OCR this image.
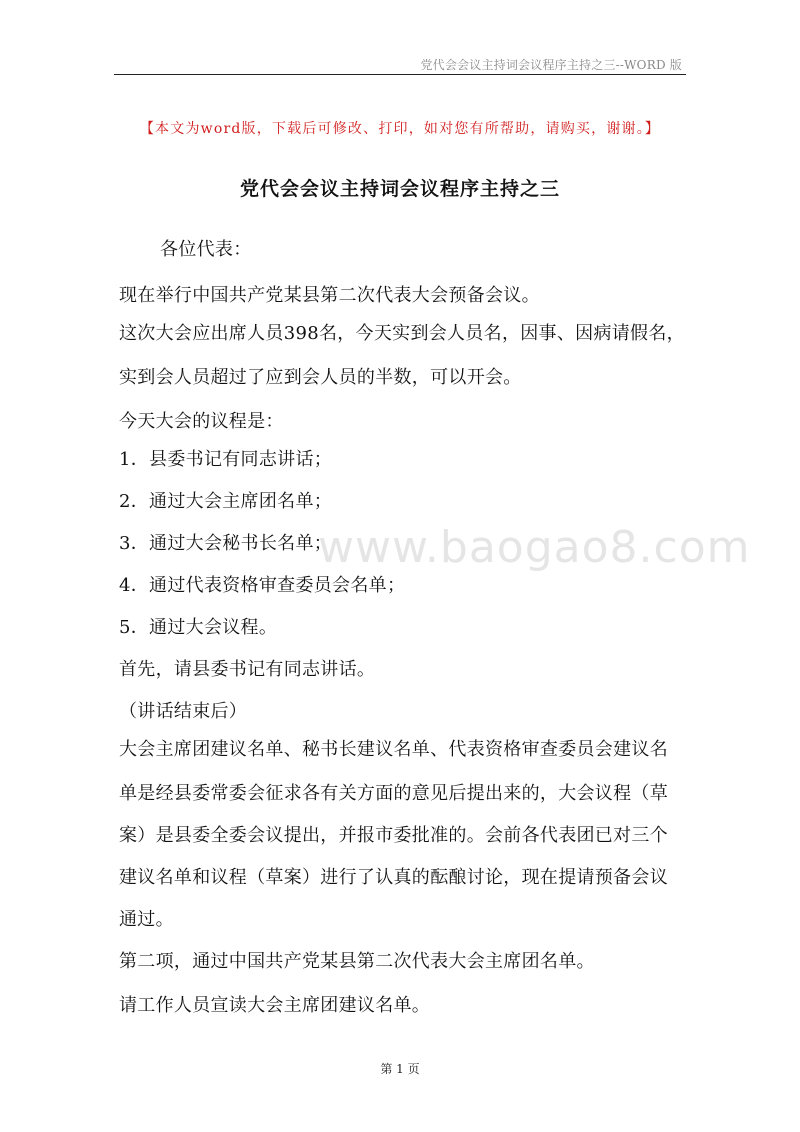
党代会会议主持词会议程序主持之三--WORD 版
【本文为word版，下载后可修改、打印，如对您有所帮助，请购买，谢谢。】
党代会会议主持词会议程序主持之三
各位代表：
现在举行中国共产党某县第二次代表大会预备会议。
这次大会应出席人员398名，今天实到会人员名，因事、因病请假名，
实到会人员超过了应到会人员的半数，可以开会。
今天大会的议程是：
1．县委书记有同志讲话；
2．通过大会主席团名单；
3．通过大会秘书长名单；
4．通过代表资格审查委员会名单；
5．通过大会议程。
首先，请县委书记有同志讲话。
（讲话结束后）
大会主席团建议名单、秘书长建议名单、代表资格审查委员会建议名
单是经县委常委会征求各有关方面的意见后提出来的，大会议程（草
案）是县委全委会议提出，并报市委批准的。会前各代表团已对三个
建议名单和议程（草案）进行了认真的酝酿讨论，现在提请预备会议
通过。
第二项，通过中国共产党某县第二次代表大会主席团名单。
请工作人员宣读大会主席团建议名单。
www.baogao8.com
第 1 页
